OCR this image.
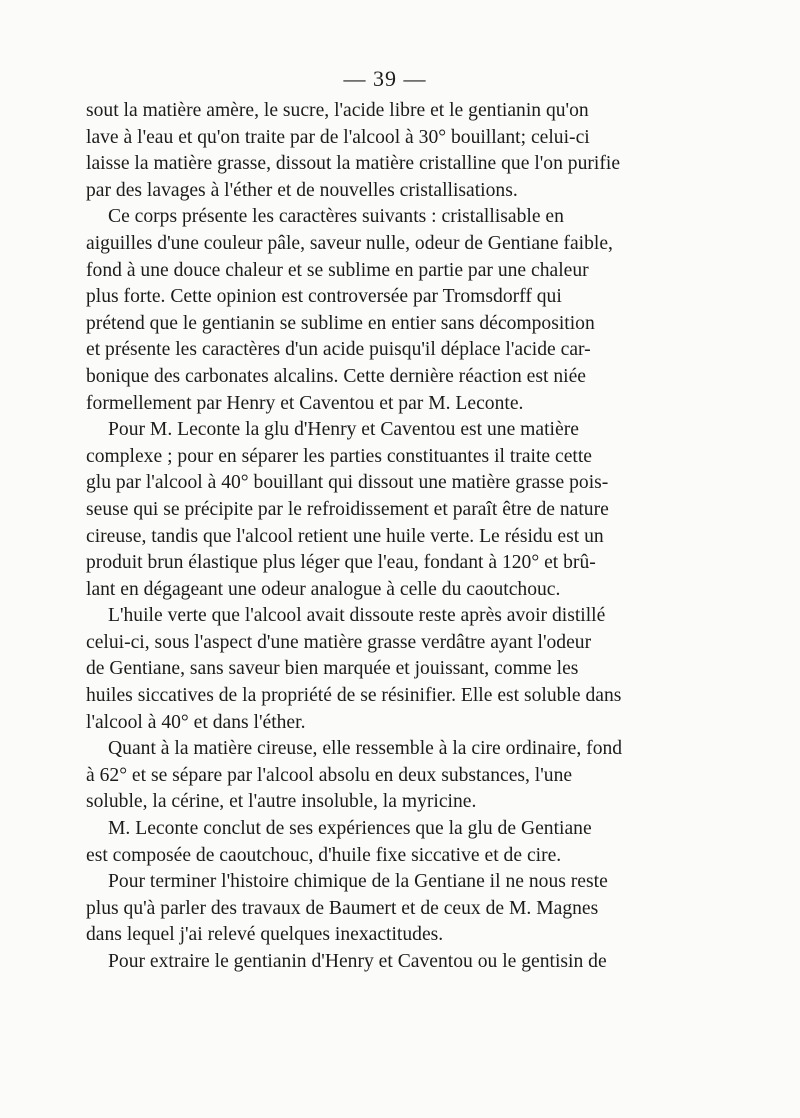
— 39 —
sout la matière amère, le sucre, l'acide libre et le gentianin qu'on
lave à l'eau et qu'on traite par de l'alcool à 30° bouillant; celui-ci
laisse la matière grasse, dissout la matière cristalline que l'on purifie
par des lavages à l'éther et de nouvelles cristallisations.
Ce corps présente les caractères suivants : cristallisable en
aiguilles d'une couleur pâle, saveur nulle, odeur de Gentiane faible,
fond à une douce chaleur et se sublime en partie par une chaleur
plus forte. Cette opinion est controversée par Tromsdorff qui
prétend que le gentianin se sublime en entier sans décomposition
et présente les caractères d'un acide puisqu'il déplace l'acide car-
bonique des carbonates alcalins. Cette dernière réaction est niée
formellement par Henry et Caventou et par M. Leconte.
Pour M. Leconte la glu d'Henry et Caventou est une matière
complexe ; pour en séparer les parties constituantes il traite cette
glu par l'alcool à 40° bouillant qui dissout une matière grasse pois-
seuse qui se précipite par le refroidissement et paraît être de nature
cireuse, tandis que l'alcool retient une huile verte. Le résidu est un
produit brun élastique plus léger que l'eau, fondant à 120° et brû-
lant en dégageant une odeur analogue à celle du caoutchouc.
L'huile verte que l'alcool avait dissoute reste après avoir distillé
celui-ci, sous l'aspect d'une matière grasse verdâtre ayant l'odeur
de Gentiane, sans saveur bien marquée et jouissant, comme les
huiles siccatives de la propriété de se résinifier. Elle est soluble dans
l'alcool à 40° et dans l'éther.
Quant à la matière cireuse, elle ressemble à la cire ordinaire, fond
à 62° et se sépare par l'alcool absolu en deux substances, l'une
soluble, la cérine, et l'autre insoluble, la myricine.
M. Leconte conclut de ses expériences que la glu de Gentiane
est composée de caoutchouc, d'huile fixe siccative et de cire.
Pour terminer l'histoire chimique de la Gentiane il ne nous reste
plus qu'à parler des travaux de Baumert et de ceux de M. Magnes
dans lequel j'ai relevé quelques inexactitudes.
Pour extraire le gentianin d'Henry et Caventou ou le gentisin de
